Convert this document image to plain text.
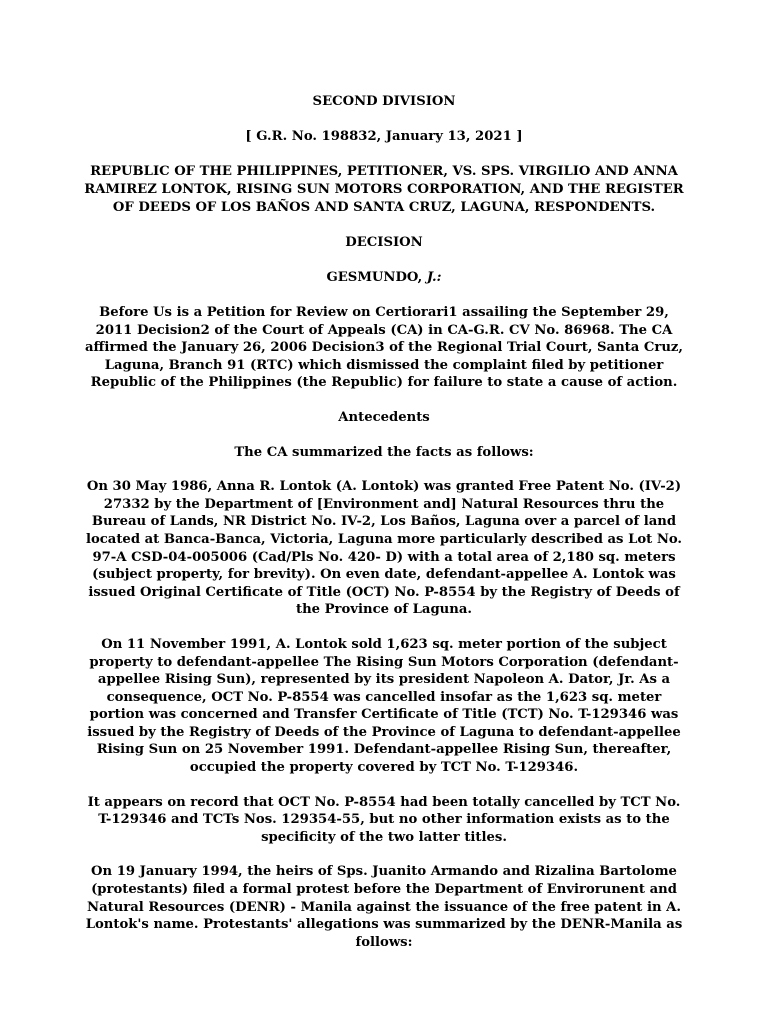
SECOND DIVISION
[ G.R. No. 198832, January 13, 2021 ]
REPUBLIC OF THE PHILIPPINES, PETITIONER, VS. SPS. VIRGILIO AND ANNA RAMIREZ LONTOK, RISING SUN MOTORS CORPORATION, AND THE REGISTER OF DEEDS OF LOS BAÑOS AND SANTA CRUZ, LAGUNA, RESPONDENTS.
DECISION
GESMUNDO, J.:
Before Us is a Petition for Review on Certiorari1 assailing the September 29, 2011 Decision2 of the Court of Appeals (CA) in CA-G.R. CV No. 86968. The CA affirmed the January 26, 2006 Decision3 of the Regional Trial Court, Santa Cruz, Laguna, Branch 91 (RTC) which dismissed the complaint filed by petitioner Republic of the Philippines (the Republic) for failure to state a cause of action.
Antecedents
The CA summarized the facts as follows:
On 30 May 1986, Anna R. Lontok (A. Lontok) was granted Free Patent No. (IV-2) 27332 by the Department of [Environment and] Natural Resources thru the Bureau of Lands, NR District No. IV-2, Los Baños, Laguna over a parcel of land located at Banca-Banca, Victoria, Laguna more particularly described as Lot No. 97-A CSD-04-005006 (Cad/Pls No. 420- D) with a total area of 2,180 sq. meters (subject property, for brevity). On even date, defendant-appellee A. Lontok was issued Original Certificate of Title (OCT) No. P-8554 by the Registry of Deeds of the Province of Laguna.
On 11 November 1991, A. Lontok sold 1,623 sq. meter portion of the subject property to defendant-appellee The Rising Sun Motors Corporation (defendant-appellee Rising Sun), represented by its president Napoleon A. Dator, Jr. As a consequence, OCT No. P-8554 was cancelled insofar as the 1,623 sq. meter portion was concerned and Transfer Certificate of Title (TCT) No. T-129346 was issued by the Registry of Deeds of the Province of Laguna to defendant-appellee Rising Sun on 25 November 1991. Defendant-appellee Rising Sun, thereafter, occupied the property covered by TCT No. T-129346.
It appears on record that OCT No. P-8554 had been totally cancelled by TCT No. T-129346 and TCTs Nos. 129354-55, but no other information exists as to the specificity of the two latter titles.
On 19 January 1994, the heirs of Sps. Juanito Armando and Rizalina Bartolome (protestants) filed a formal protest before the Department of Envirorunent and Natural Resources (DENR) - Manila against the issuance of the free patent in A. Lontok's name. Protestants' allegations was summarized by the DENR-Manila as follows:
